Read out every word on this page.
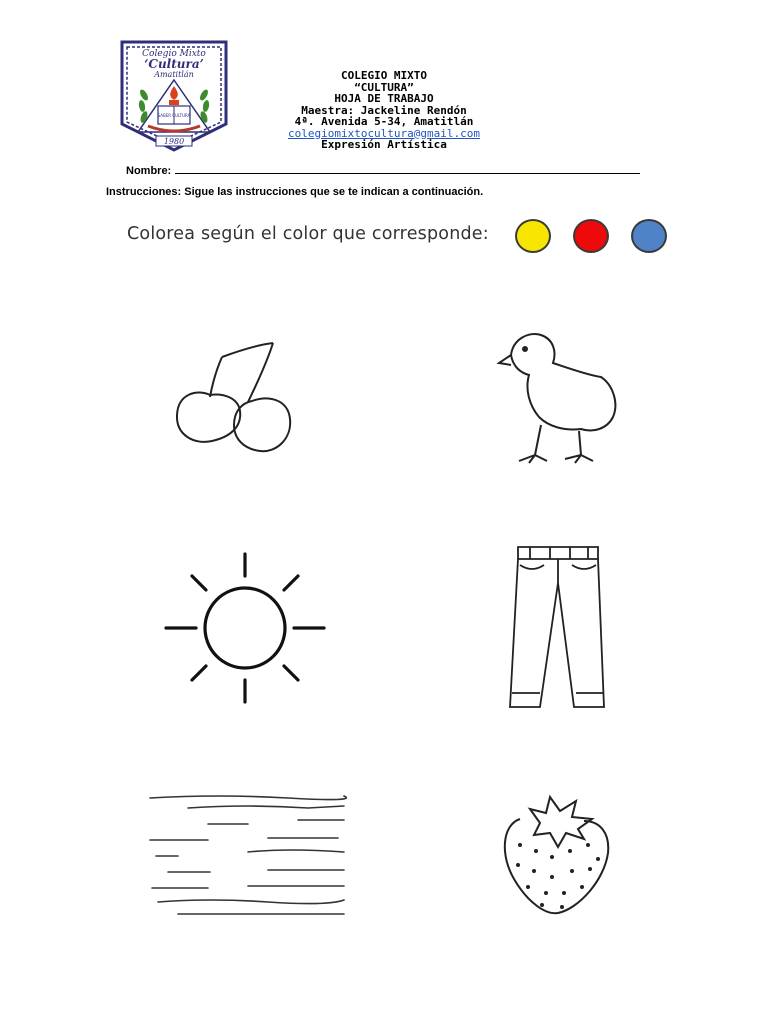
Colegio Mixto
‘Cultura’
Amatitlán
SABER CULTURA
1980
COLEGIO MIXTO
“CULTURA”
HOJA DE TRABAJO
Maestra: Jackeline Rendón
4ª. Avenida 5-34, Amatitlán
colegiomixtocultura@gmail.com
Expresión Artística
Nombre:
Instrucciones: Sigue las instrucciones que se te indican a continuación.
Colorea según el color que corresponde:
